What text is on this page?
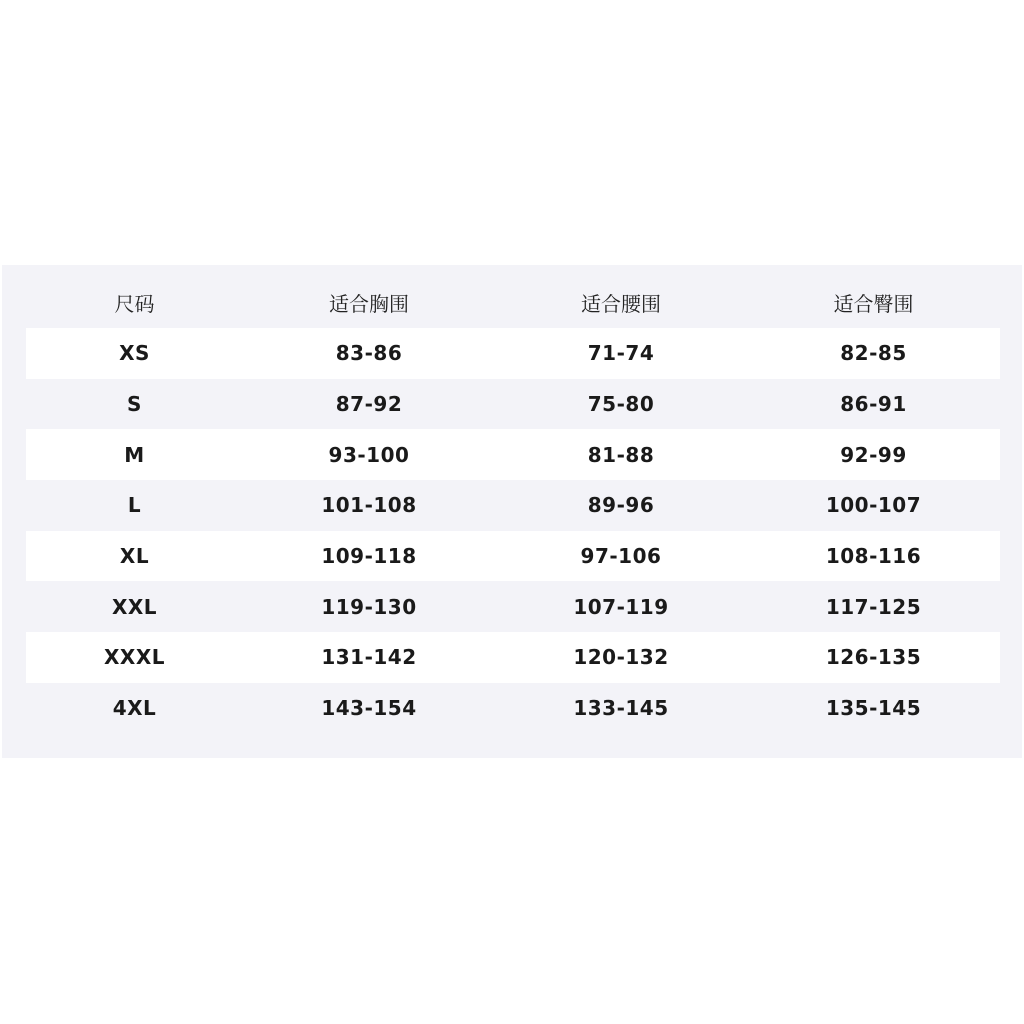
尺码	适合胸围	适合腰围	适合臀围
XS	83-86	71-74	82-85
S	87-92	75-80	86-91
M	93-100	81-88	92-99
L	101-108	89-96	100-107
XL	109-118	97-106	108-116
XXL	119-130	107-119	117-125
XXXL	131-142	120-132	126-135
4XL	143-154	133-145	135-145
